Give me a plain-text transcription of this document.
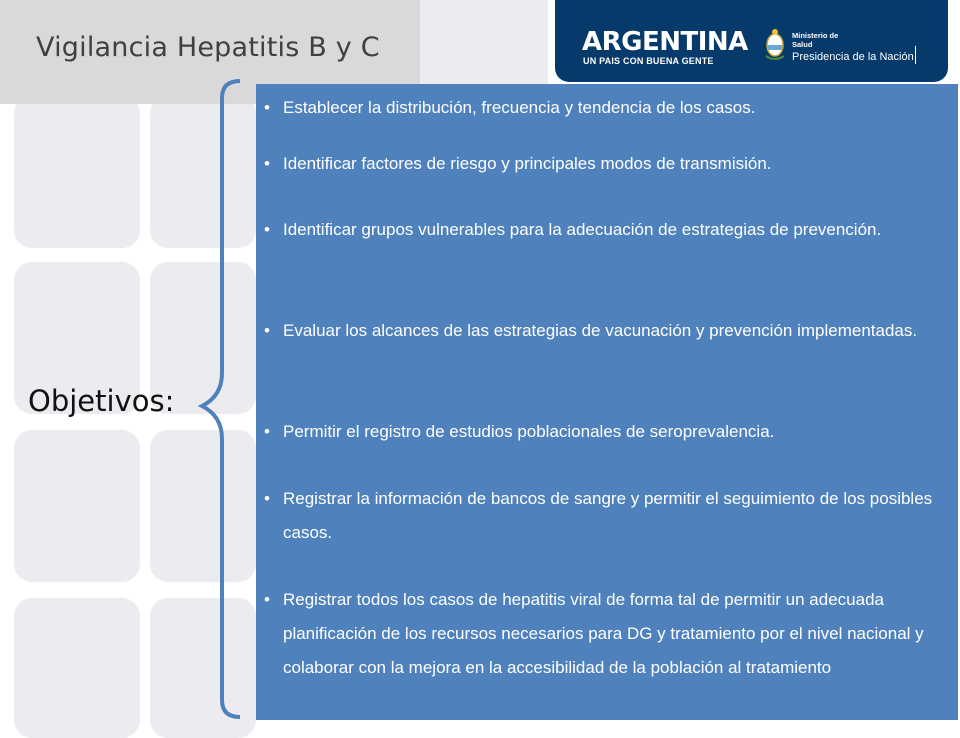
Vigilancia Hepatitis B y C	ARGENTINA
UN PAIS CON BUENA GENTE
Ministerio de
Salud
Presidencia de la Nación
Objetivos:
• Establecer la distribución, frecuencia y tendencia de los casos.
• Identificar factores de riesgo y principales modos de transmisión.
• Identificar grupos vulnerables para la adecuación de estrategias de prevención.
• Evaluar los alcances de las estrategias de vacunación y prevención implementadas.
• Permitir el registro de estudios poblacionales de seroprevalencia.
• Registrar la información de bancos de sangre y permitir el seguimiento de los posibles casos.
• Registrar todos los casos de hepatitis viral de forma tal de permitir un adecuada planificación de los recursos necesarios para DG y tratamiento por el nivel nacional y colaborar con la mejora en la accesibilidad de la población al tratamiento
